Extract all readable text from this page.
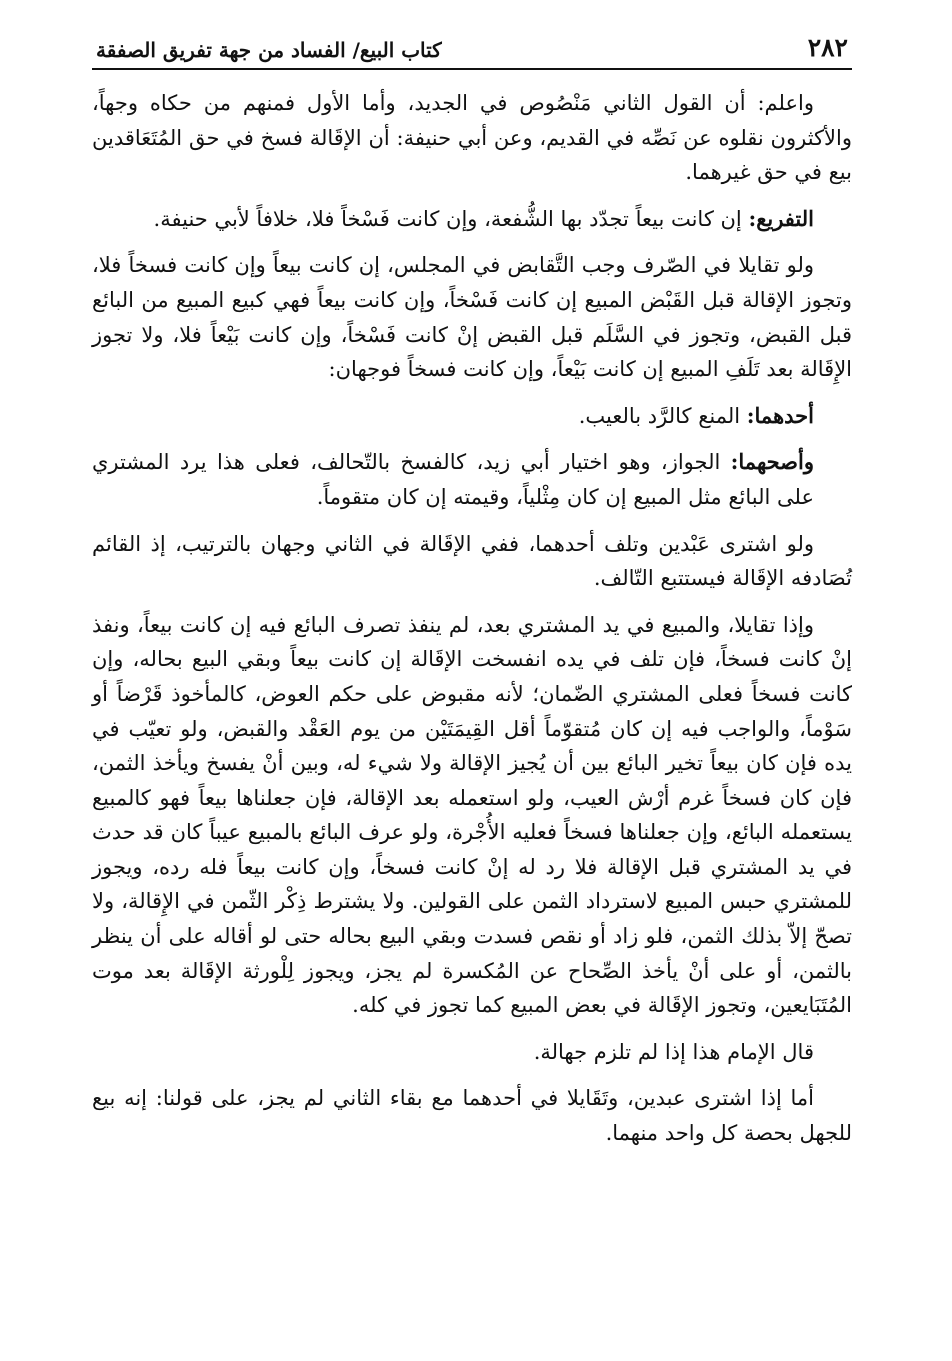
٢٨٢
كتاب البيع/ الفساد من جهة تفريق الصفقة

واعلم: أن القول الثاني مَنْصُوص في الجديد، وأما الأول فمنهم من حكاه وجهاً، والأكثرون نقلوه عن نَصِّه في القديم، وعن أبي حنيفة: أن الإقَالة فسخ في حق المُتَعَاقدين بيع في حق غيرهما.

التفريع: إن كانت بيعاً تجدّد بها الشُّفعة، وإن كانت فَسْخاً فلا، خلافاً لأبي حنيفة.

ولو تقايلا في الصّرف وجب التَّقابض في المجلس، إن كانت بيعاً وإن كانت فسخاً فلا، وتجوز الإقالة قبل القَبْض المبيع إن كانت فَسْخاً، وإن كانت بيعاً فهي كبيع المبيع من البائع قبل القبض، وتجوز في السَّلَم قبل القبض إنْ كانت فَسْخاً، وإن كانت بَيْعاً فلا، ولا تجوز الإِقَالة بعد تَلَفِ المبيع إن كانت بَيْعاً، وإن كانت فسخاً فوجهان:

أحدهما: المنع كالرَّد بالعيب.

وأصحهما: الجواز، وهو اختيار أبي زيد، كالفسخ بالتّحالف، فعلى هذا يرد المشتري على البائع مثل المبيع إن كان مِثْلياً، وقيمته إن كان متقوماً.

ولو اشترى عَبْدين وتلف أحدهما، ففي الإقَالة في الثاني وجهان بالترتيب، إذ القائم تُصَادفه الإقَالة فيستتبع التّالف.

وإذا تقايلا، والمبيع في يد المشتري بعد، لم ينفذ تصرف البائع فيه إن كانت بيعاً، ونفذ إنْ كانت فسخاً، فإن تلف في يده انفسخت الإقَالة إن كانت بيعاً وبقي البيع بحاله، وإن كانت فسخاً فعلى المشتري الضّمان؛ لأنه مقبوض على حكم العوض، كالمأخوذ قَرْضاً أو سَوْماً، والواجب فيه إن كان مُتقوّماً أقل القِيمَتَيْن من يوم العَقْد والقبض، ولو تعيّب في يده فإن كان بيعاً تخير البائع بين أن يُجيز الإقالة ولا شيء له، وبين أنْ يفسخ ويأخذ الثمن، فإن كان فسخاً غرم أرْش العيب، ولو استعمله بعد الإقالة، فإن جعلناها بيعاً فهو كالمبيع يستعمله البائع، وإن جعلناها فسخاً فعليه الأُجْرة، ولو عرف البائع بالمبيع عيباً كان قد حدث في يد المشتري قبل الإقالة فلا رد له إنْ كانت فسخاً، وإن كانت بيعاً فله رده، ويجوز للمشتري حبس المبيع لاسترداد الثمن على القولين. ولا يشترط ذِكْر الثّمن في الإِقالة، ولا تصحّ إلاّ بذلك الثمن، فلو زاد أو نقص فسدت وبقي البيع بحاله حتى لو أقاله على أن ينظر بالثمن، أو على أنْ يأخذ الصِّحاح عن المُكسرة لم يجز، ويجوز لِلْورثة الإقَالة بعد موت المُتَبَايعين، وتجوز الإقَالة في بعض المبيع كما تجوز في كله.

قال الإمام هذا إذا لم تلزم جهالة.

أما إذا اشترى عبدين، وتَقَايلا في أحدهما مع بقاء الثاني لم يجز، على قولنا: إنه بيع للجهل بحصة كل واحد منهما.
